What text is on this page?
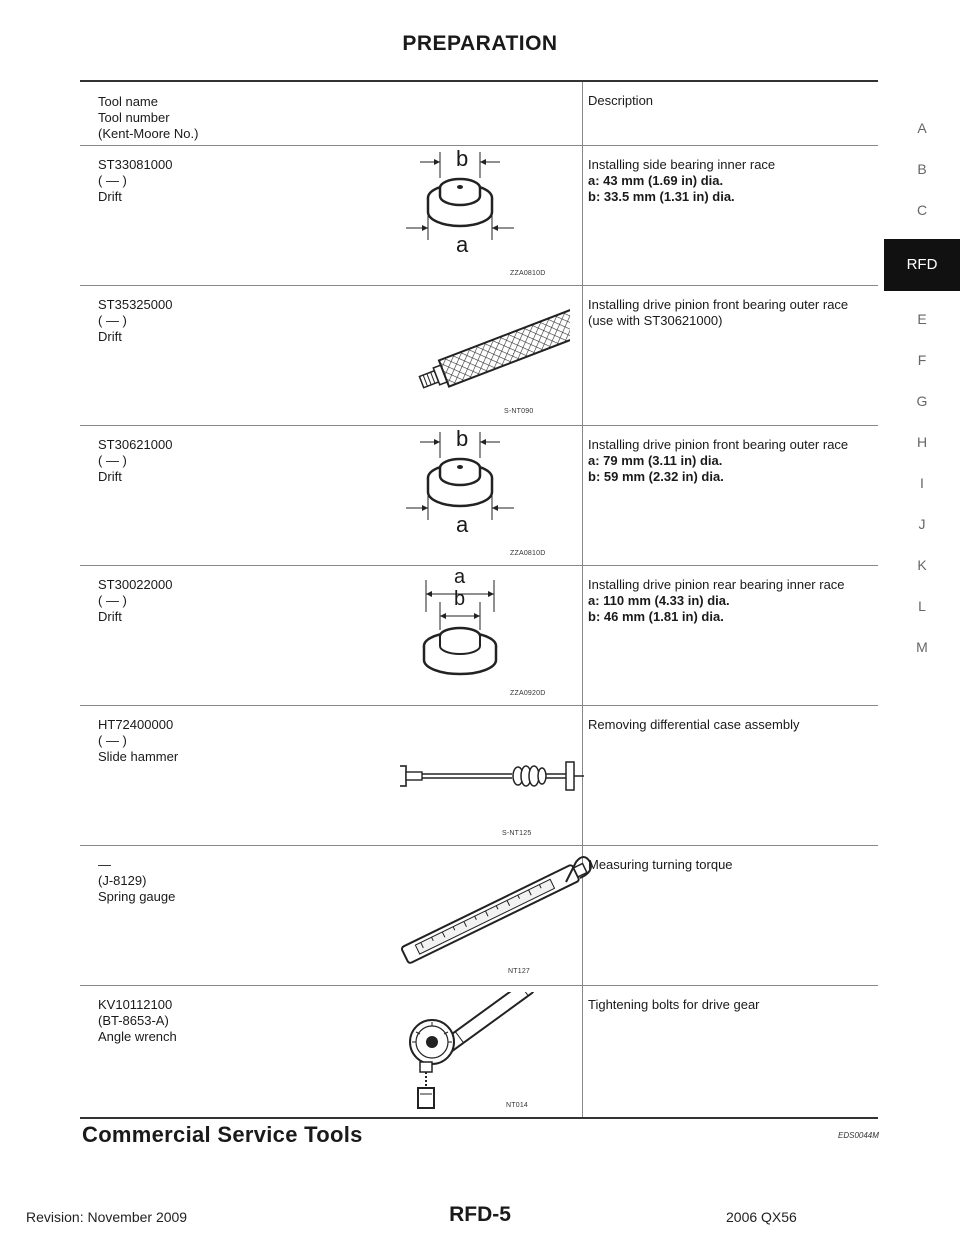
PREPARATION
Tool name
Tool number
(Kent-Moore No.)
Description
ST33081000
( — )
Drift
ZZA0810D
b
a
Installing side bearing inner race
a: 43 mm (1.69 in) dia.
b: 33.5 mm (1.31 in) dia.
ST35325000
( — )
Drift
S-NT090
Installing drive pinion front bearing outer race
(use with ST30621000)
ST30621000
( — )
Drift
ZZA0810D
b
a
Installing drive pinion front bearing outer race
a: 79 mm (3.11 in) dia.
b: 59 mm (2.32 in) dia.
ST30022000
( — )
Drift
ZZA0920D
a
b
Installing drive pinion rear bearing inner race
a: 110 mm (4.33 in) dia.
b: 46 mm (1.81 in) dia.
HT72400000
( — )
Slide hammer
S-NT125
Removing differential case assembly
—
(J-8129)
Spring gauge
NT127
Measuring turning torque
KV10112100
(BT-8653-A)
Angle wrench
NT014
Tightening bolts for drive gear
A
B
C
RFD
E
F
G
H
I
J
K
L
M
Commercial Service Tools	EDS0044M
Revision: November 2009	RFD-5	2006 QX56
